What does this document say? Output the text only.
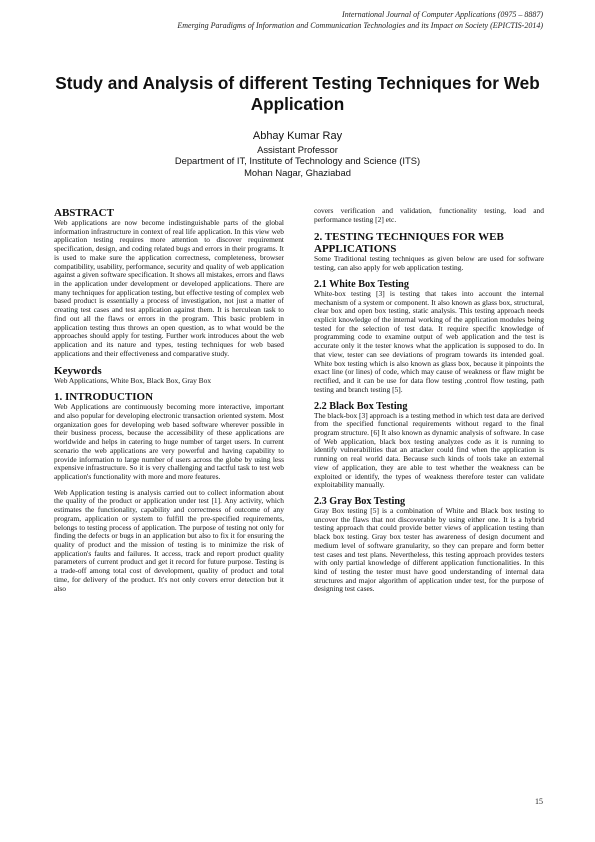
International Journal of Computer Applications (0975 – 8887)
Emerging Paradigms of Information and Communication Technologies and its Impact on Society (EPICTIS-2014)
Study and Analysis of different Testing Techniques for Web Application
Abhay Kumar Ray
Assistant Professor
Department of IT, Institute of Technology and Science (ITS)
Mohan Nagar, Ghaziabad
ABSTRACT

Web applications are now become indistinguishable parts of the global information infrastructure in context of real life application. In this view web application testing requires more attention to discover requirement specification, design, and coding related bugs and errors in their programs. It is used to make sure the application correctness, completeness, browser compatibility, usability, performance, security and quality of web application against a given software specification. It shows all mistakes, errors and flaws in the application under development or developed applications. There are many techniques for application testing, but effective testing of complex web based product is essentially a process of investigation, not just a matter of creating test cases and test application against them. It is herculean task to find out all the flaws or errors in the program. This basic problem in application testing thus throws an open question, as to what would be the approaches should apply for testing. Further work introduces about the web application and its nature and types, testing techniques for web based applications and their effectiveness and comparative study.

Keywords

Web Applications, White Box, Black Box, Gray Box

1. INTRODUCTION

Web Applications are continuously becoming more interactive, important and also popular for developing electronic transaction oriented system. Most organization goes for developing web based software wherever possible in their business process, because the accessibility of these applications are worldwide and helps in catering to huge number of target users. In current scenario the web applications are very powerful and having capability to provide information to large number of users across the globe by using less expensive infrastructure. So it is very challenging and tactful task to test web application's functionality with more and more features.

Web Application testing is analysis carried out to collect information about the quality of the product or application under test [1]. Any activity, which estimates the functionality, capability and correctness of outcome of any program, application or system to fulfill the pre-specified requirements, belongs to testing process of application. The purpose of testing not only for finding the defects or bugs in an application but also to fix it for ensuring the quality of product and the mission of testing is to minimize the risk of application's faults and failures. It access, track and report product quality parameters of current product and get it record for future purpose. Testing is a trade-off among total cost of development, quality of product and total time, for delivery of the product. It's not only covers error detection but it also

covers verification and validation, functionality testing, load and performance testing [2] etc.

2. TESTING TECHNIQUES FOR WEB APPLICATIONS

Some Traditional testing techniques as given below are used for software testing, can also apply for web application testing.

2.1 White Box Testing

White-box testing [3] is testing that takes into account the internal mechanism of a system or component. It also known as glass box, structural, clear box and open box testing, static analysis. This testing approach needs explicit knowledge of the internal working of the application modules being tested for the selection of test data. It require specific knowledge of programming code to examine output of web application and the test is accurate only it the tester knows what the application is supposed to do. In that view, tester can see deviations of program towards its intended goal. White box testing which is also known as glass box, because it pinpoints the exact line (or lines) of code, which may cause of weakness or flaw might be rectified, and it can be use for data flow testing ,control flow testing, path testing and branch testing [5].

2.2 Black Box Testing

The black-box [3] approach is a testing method in which test data are derived from the specified functional requirements without regard to the final program structure. [6] It also known as dynamic analysis of software. In case of Web application, black box testing analyzes code as it is running to identify vulnerabilities that an attacker could find when the application is running on real world data. Because such kinds of tools take an external view of application, they are able to test whether the weakness can be exploited or identify, the types of weakness therefore tester can validate exploitability manually.

2.3 Gray Box Testing

Gray Box testing [5] is a combination of White and Black box testing to uncover the flaws that not discoverable by using either one. It is a hybrid testing approach that could provide better views of application testing than black box testing. Gray box tester has awareness of design document and medium level of software granularity, so they can prepare and form better test cases and test plans. Nevertheless, this testing approach provides testers with only partial knowledge of different application functionalities. In this kind of testing the tester must have good understanding of internal data structures and major algorithm of application under test, for the purpose of designing test cases.

15
